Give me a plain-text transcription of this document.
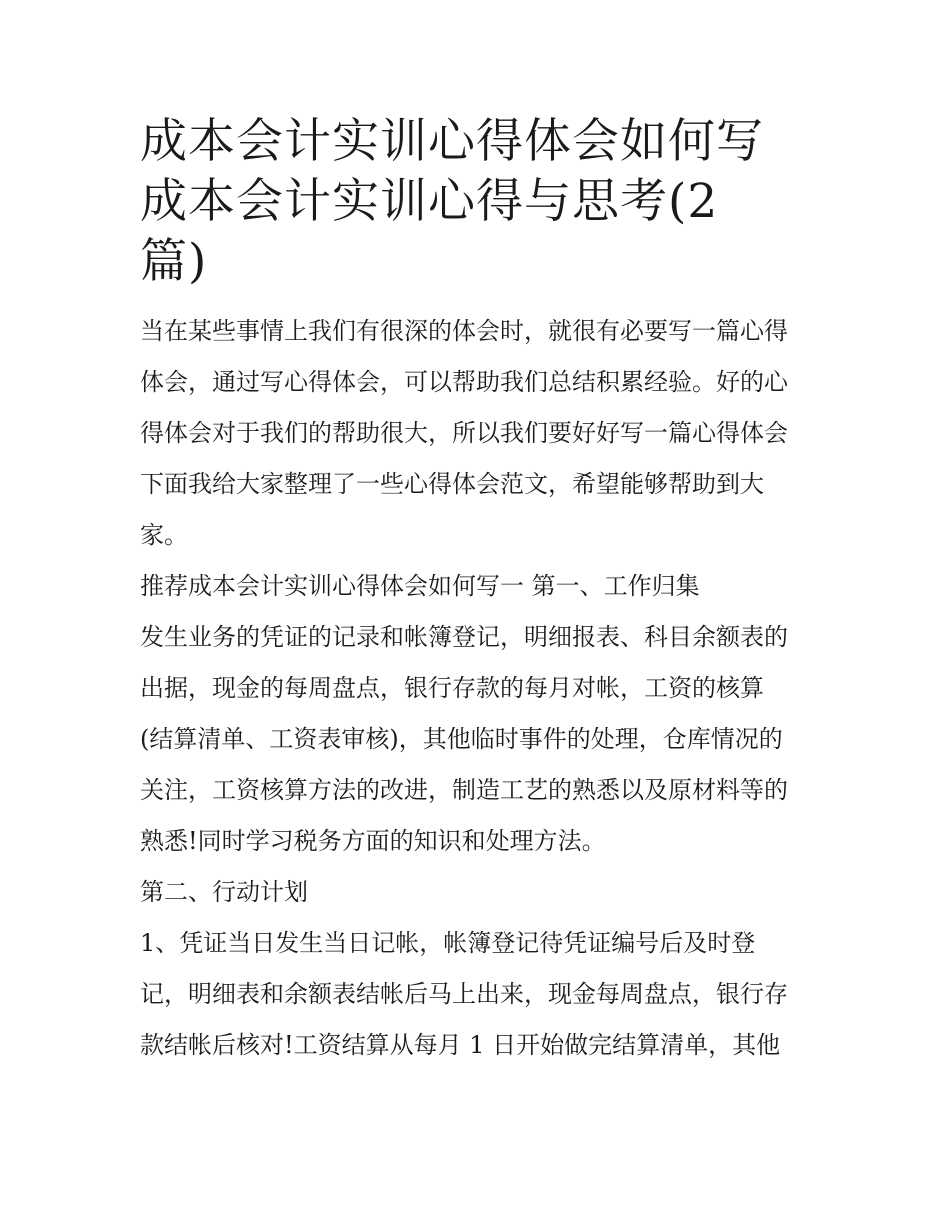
成本会计实训心得体会如何写
成本会计实训心得与思考(2
篇)

当在某些事情上我们有很深的体会时，就很有必要写一篇心得
体会，通过写心得体会，可以帮助我们总结积累经验。好的心
得体会对于我们的帮助很大，所以我们要好好写一篇心得体会
下面我给大家整理了一些心得体会范文，希望能够帮助到大
家。

推荐成本会计实训心得体会如何写一 第一、工作归集

发生业务的凭证的记录和帐簿登记，明细报表、科目余额表的
出据，现金的每周盘点，银行存款的每月对帐，工资的核算
(结算清单、工资表审核)，其他临时事件的处理，仓库情况的
关注，工资核算方法的改进，制造工艺的熟悉以及原材料等的
熟悉!同时学习税务方面的知识和处理方法。

第二、行动计划

1、凭证当日发生当日记帐，帐簿登记待凭证编号后及时登
记，明细表和余额表结帐后马上出来，现金每周盘点，银行存
款结帐后核对!工资结算从每月 1 日开始做完结算清单，其他
